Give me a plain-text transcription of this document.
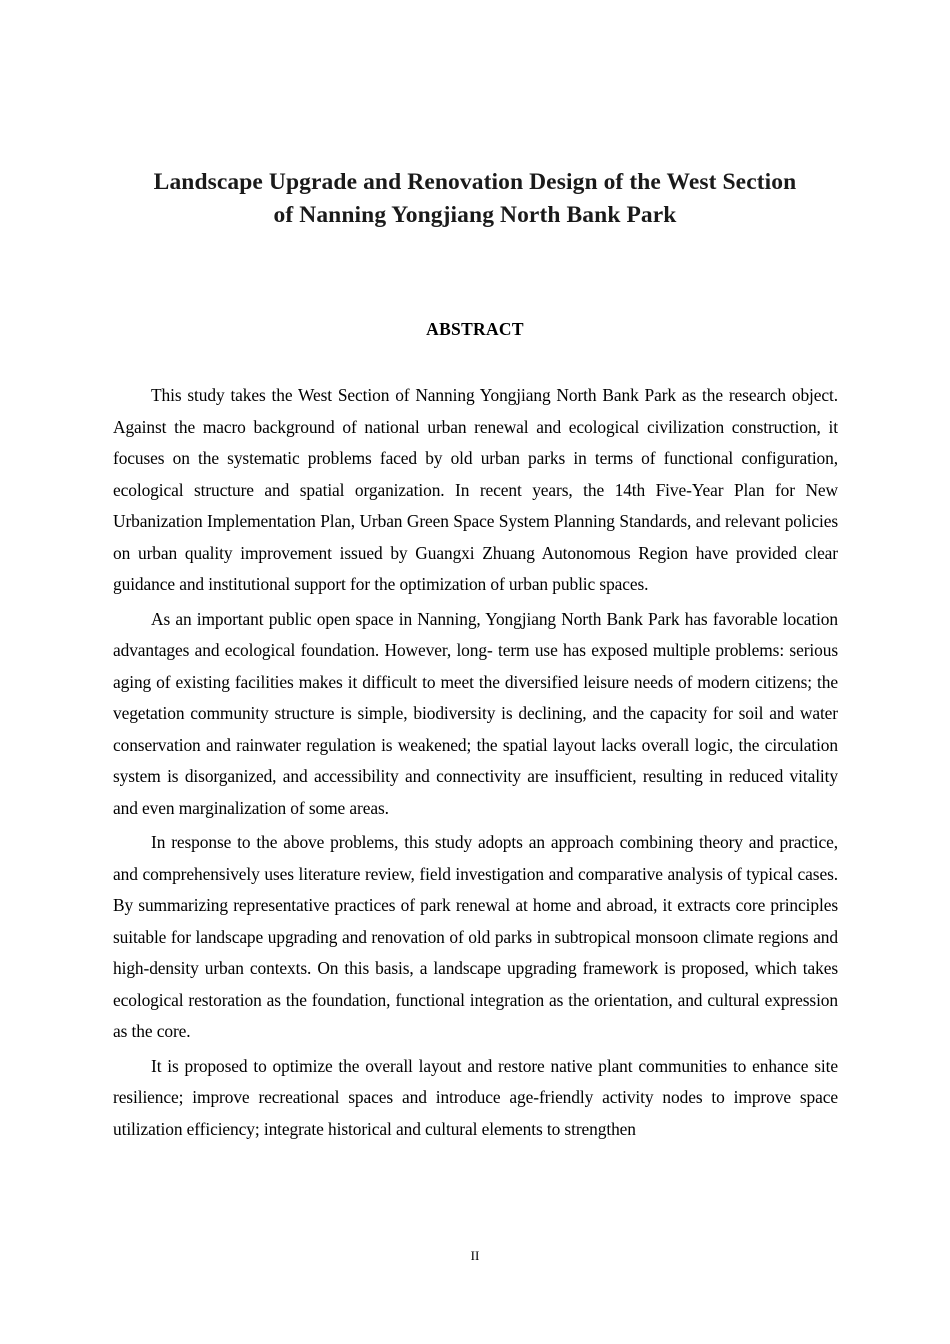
Landscape Upgrade and Renovation Design of the West Section
of Nanning Yongjiang North Bank Park
ABSTRACT

This study takes the West Section of Nanning Yongjiang North Bank Park as the research object. Against the macro background of national urban renewal and ecological civilization construction, it focuses on the systematic problems faced by old urban parks in terms of functional configuration, ecological structure and spatial organization. In recent years, the 14th Five-Year Plan for New Urbanization Implementation Plan, Urban Green Space System Planning Standards, and relevant policies on urban quality improvement issued by Guangxi Zhuang Autonomous Region have provided clear guidance and institutional support for the optimization of urban public spaces.

As an important public open space in Nanning, Yongjiang North Bank Park has favorable location advantages and ecological foundation. However, long- term use has exposed multiple problems: serious aging of existing facilities makes it difficult to meet the diversified leisure needs of modern citizens; the vegetation community structure is simple, biodiversity is declining, and the capacity for soil and water conservation and rainwater regulation is weakened; the spatial layout lacks overall logic, the circulation system is disorganized, and accessibility and connectivity are insufficient, resulting in reduced vitality and even marginalization of some areas.

In response to the above problems, this study adopts an approach combining theory and practice, and comprehensively uses literature review, field investigation and comparative analysis of typical cases. By summarizing representative practices of park renewal at home and abroad, it extracts core principles suitable for landscape upgrading and renovation of old parks in subtropical monsoon climate regions and high-density urban contexts. On this basis, a landscape upgrading framework is proposed, which takes ecological restoration as the foundation, functional integration as the orientation, and cultural expression as the core.

It is proposed to optimize the overall layout and restore native plant communities to enhance site resilience; improve recreational spaces and introduce age-friendly activity nodes to improve space utilization efficiency; integrate historical and cultural elements to strengthen

II
